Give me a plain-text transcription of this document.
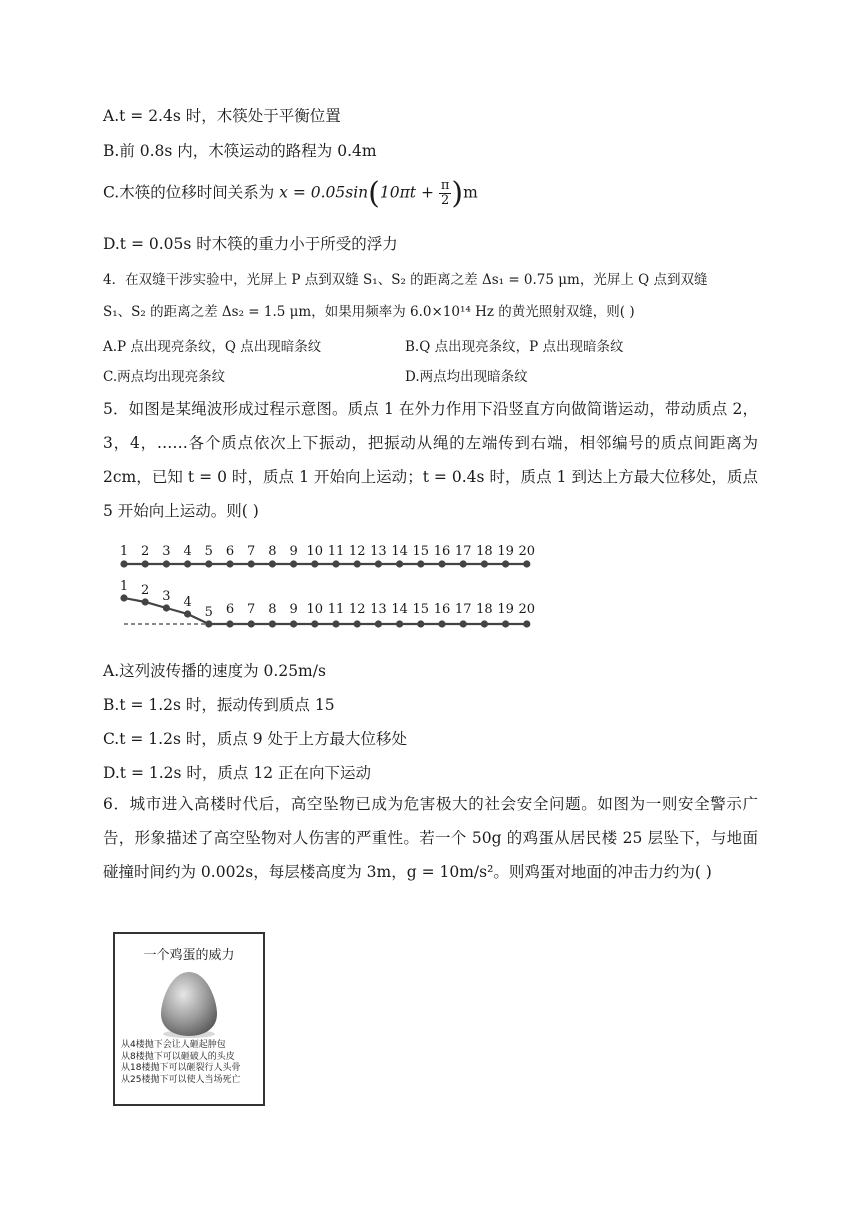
A.t = 2.4s 时，木筷处于平衡位置
B.前 0.8s 内，木筷运动的路程为 0.4m
C.木筷的位移时间关系为 $x = 0.05\sin(10\pi t + \frac{\pi}{2} )m$
D.t = 0.05s 时木筷的重力小于所受的浮力
4．在双缝干涉实验中，光屏上 P 点到双缝 S₁、S₂ 的距离之差 Δs₁ = 0.75 μm，光屏上 Q 点到双缝
S₁、S₂ 的距离之差 Δs₂ = 1.5 μm，如果用频率为 6.0×10¹⁴ Hz 的黄光照射双缝，则( )
A.P 点出现亮条纹，Q 点出现暗条纹	B.Q 点出现亮条纹，P 点出现暗条纹
C.两点均出现亮条纹	D.两点均出现暗条纹
5．如图是某绳波形成过程示意图。质点 1 在外力作用下沿竖直方向做简谐运动，带动质点 2，3，4，……各个质点依次上下振动，把振动从绳的左端传到右端，相邻编号的质点间距离为 2cm，已知 t = 0 时，质点 1 开始向上运动；t = 0.4s 时，质点 1 到达上方最大位移处，质点 5 开始向上运动。则( )
1 2 3 4 5 6 7 8 9 10 11 12 13 14 15 16 17 18 19 20
1 2 3 4
5 6 7 8 9 10 11 12 13 14 15 16 17 18 19 20
A.这列波传播的速度为 0.25m/s
B.t = 1.2s 时，振动传到质点 15
C.t = 1.2s 时，质点 9 处于上方最大位移处
D.t = 1.2s 时，质点 12 正在向下运动
6．城市进入高楼时代后，高空坠物已成为危害极大的社会安全问题。如图为一则安全警示广告，形象描述了高空坠物对人伤害的严重性。若一个 50g 的鸡蛋从居民楼 25 层坠下，与地面碰撞时间约为 0.002s，每层楼高度为 3m，g = 10m/s²。则鸡蛋对地面的冲击力约为( )
一个鸡蛋的威力
从4楼抛下会让人砸起肿包
从8楼抛下可以砸破人的头皮
从18楼抛下可以砸裂行人头骨
从25楼抛下可以使人当场死亡
